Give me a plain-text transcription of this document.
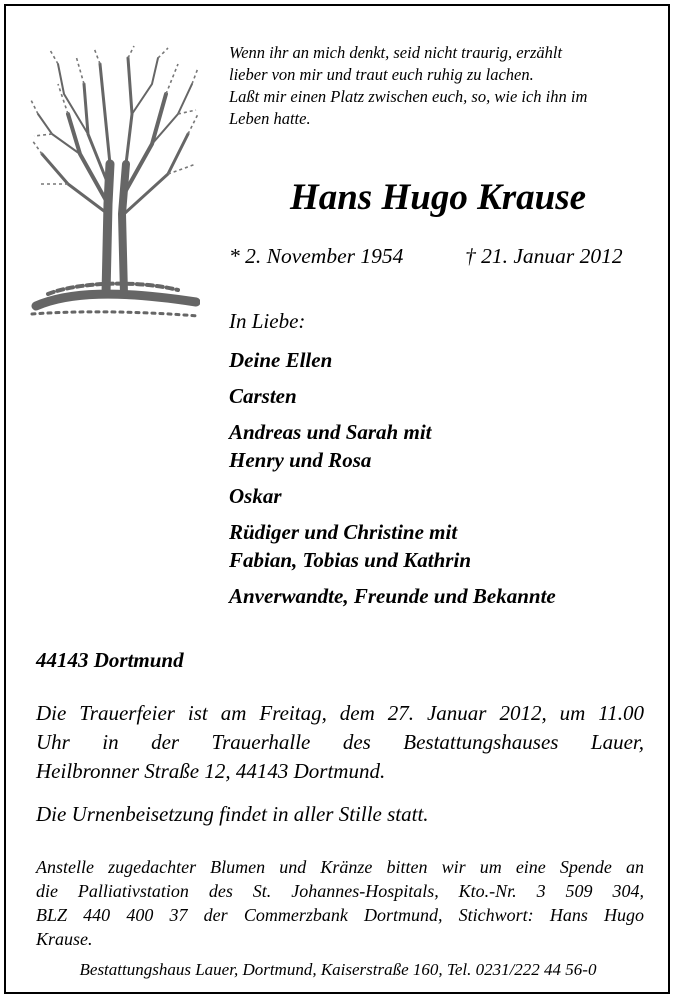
Wenn ihr an mich denkt, seid nicht traurig, erzählt
lieber von mir und traut euch ruhig zu lachen.
Laßt mir einen Platz zwischen euch, so, wie ich ihn im
Leben hatte.
Hans Hugo Krause
* 2. November 1954	† 21. Januar 2012
In Liebe:
Deine Ellen
Carsten
Andreas und Sarah mit
Henry und Rosa
Oskar
Rüdiger und Christine mit
Fabian, Tobias und Kathrin
Anverwandte, Freunde und Bekannte
44143 Dortmund
Die Trauerfeier ist am Freitag, dem 27. Januar 2012, um 11.00
Uhr in der Trauerhalle des Bestattungshauses Lauer,
Heilbronner Straße 12, 44143 Dortmund.
Die Urnenbeisetzung findet in aller Stille statt.
Anstelle zugedachter Blumen und Kränze bitten wir um eine Spende an
die Palliativstation des St. Johannes-Hospitals, Kto.-Nr. 3 509 304,
BLZ 440 400 37 der Commerzbank Dortmund, Stichwort: Hans Hugo
Krause.
Bestattungshaus Lauer, Dortmund, Kaiserstraße 160, Tel. 0231/222 44 56-0
